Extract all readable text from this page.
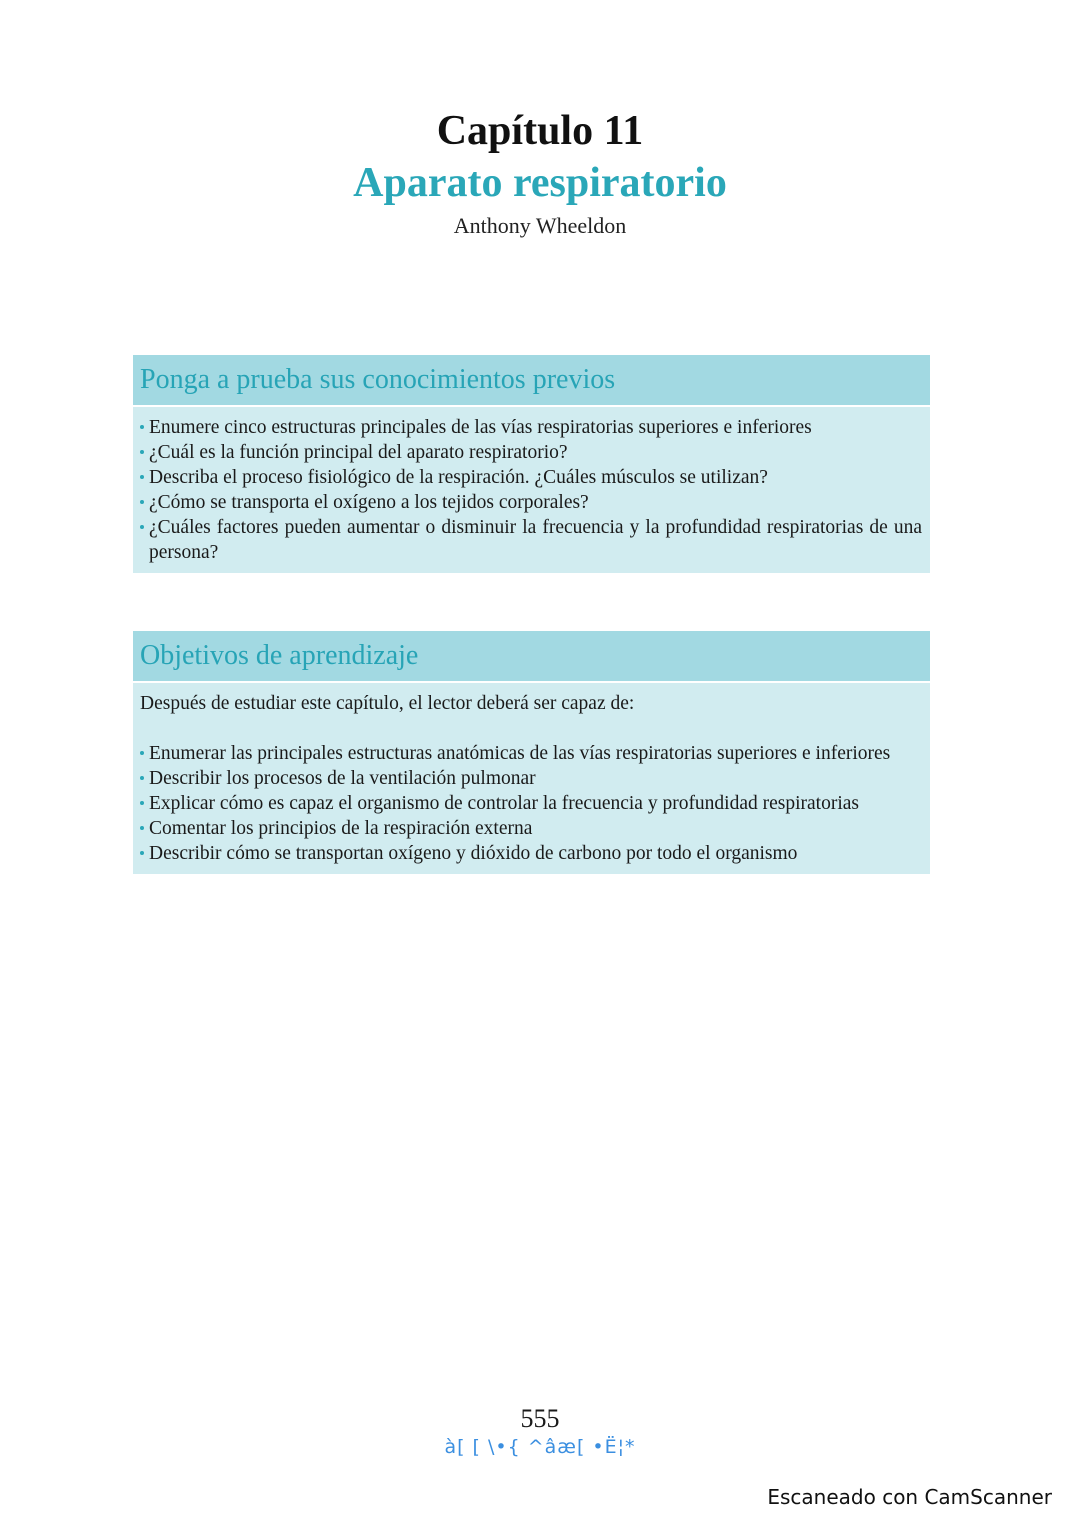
Capítulo 11
Aparato respiratorio
Anthony Wheeldon
Ponga a prueba sus conocimientos previos
Enumere cinco estructuras principales de las vías respiratorias superiores e inferiores
¿Cuál es la función principal del aparato respiratorio?
Describa el proceso fisiológico de la respiración. ¿Cuáles músculos se utilizan?
¿Cómo se transporta el oxígeno a los tejidos corporales?
¿Cuáles factores pueden aumentar o disminuir la frecuencia y la profundidad respiratorias de una persona?
Objetivos de aprendizaje
Después de estudiar este capítulo, el lector deberá ser capaz de:
Enumerar las principales estructuras anatómicas de las vías respiratorias superiores e inferiores
Describir los procesos de la ventilación pulmonar
Explicar cómo es capaz el organismo de controlar la frecuencia y profundidad respiratorias
Comentar los principios de la respiración externa
Describir cómo se transportan oxígeno y dióxido de carbono por todo el organismo
555
à[ [ \•{ ^âæ[ •Ë¦*
Escaneado con CamScanner
